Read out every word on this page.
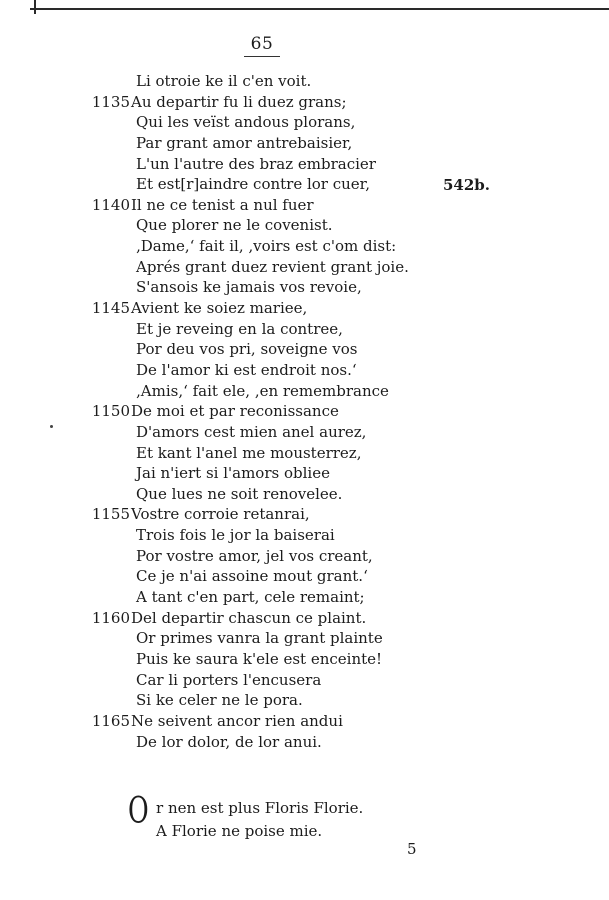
65
Li otroie ke il c'en voit.
1135 Au departir fu li duez grans;
Qui les veïst andous plorans,
Par grant amor antrebaisier,
L'un l'autre des braz embracier
Et est[r]aindre contre lor cuer,
1140 Il ne ce tenist a nul fuer
Que plorer ne le covenist.
‚Dame,‘ fait il, ‚voirs est c'om dist:
Aprés grant duez revient grant joie.
S'ansois ke jamais vos revoie,
1145 Avient ke soiez mariee,
Et je reveing en la contree,
Por deu vos pri, soveigne vos
De l'amor ki est endroit nos.‘
‚Amis,‘ fait ele, ‚en remembrance
1150 De moi et par reconissance
D'amors cest mien anel aurez,
Et kant l'anel me mousterrez,
Jai n'iert si l'amors obliee
Que lues ne soit renovelee.
1155 Vostre corroie retanrai,
Trois fois le jor la baiserai
Por vostre amor, jel vos creant,
Ce je n'ai assoine mout grant.‘
A tant c'en part, cele remaint;
1160 Del departir chascun ce plaint.
Or primes vanra la grant plainte
Puis ke saura k'ele est enceinte!
Car li porters l'encusera
Si ke celer ne le pora.
1165 Ne seivent ancor rien andui
De lor dolor, de lor anui.
542b.
O r nen est plus Floris Florie.
A Florie ne poise mie.
5
